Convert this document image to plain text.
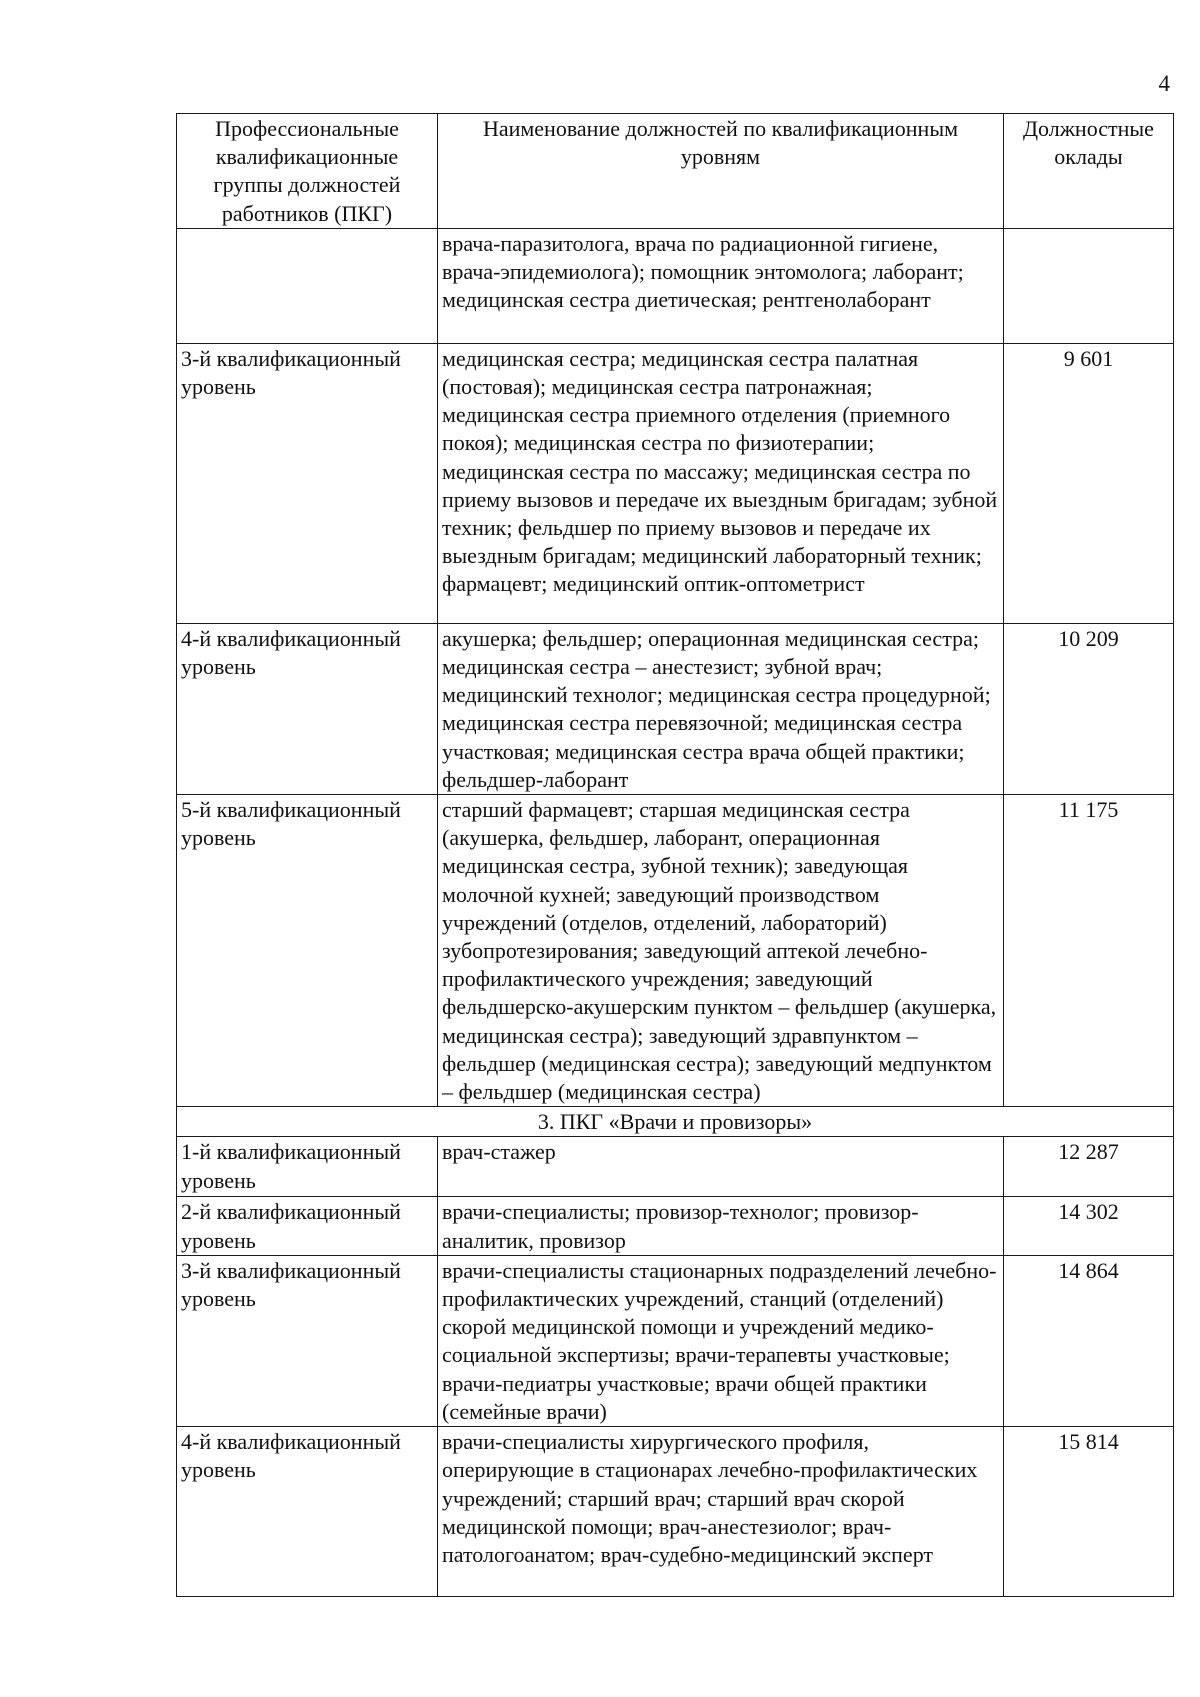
4
Профессиональные квалификационные группы должностей работников (ПКГ)	Наименование должностей по квалификационным уровням	Должностные оклады
	врача-паразитолога, врача по радиационной гигиене, врача-эпидемиолога); помощник энтомолога; лаборант; медицинская сестра диетическая; рентгенолаборант	
3-й квалификационный уровень	медицинская сестра; медицинская сестра палатная (постовая); медицинская сестра патронажная; медицинская сестра приемного отделения (приемного покоя); медицинская сестра по физиотерапии; медицинская сестра по массажу; медицинская сестра по приему вызовов и передаче их выездным бригадам; зубной техник; фельдшер по приему вызовов и передаче их выездным бригадам; медицинский лабораторный техник; фармацевт; медицинский оптик-оптометрист	9 601
4-й квалификационный уровень	акушерка; фельдшер; операционная медицинская сестра; медицинская сестра – анестезист; зубной врач; медицинский технолог; медицинская сестра процедурной; медицинская сестра перевязочной; медицинская сестра участковая; медицинская сестра врача общей практики; фельдшер-лаборант	10 209
5-й квалификационный уровень	старший фармацевт; старшая медицинская сестра (акушерка, фельдшер, лаборант, операционная медицинская сестра, зубной техник); заведующая молочной кухней; заведующий производством учреждений (отделов, отделений, лабораторий) зубопротезирования; заведующий аптекой лечебно-профилактического учреждения; заведующий фельдшерско-акушерским пунктом – фельдшер (акушерка, медицинская сестра); заведующий здравпунктом – фельдшер (медицинская сестра); заведующий медпунктом – фельдшер (медицинская сестра)	11 175
3. ПКГ «Врачи и провизоры»		
1-й квалификационный уровень	врач-стажер	12 287
2-й квалификационный уровень	врачи-специалисты; провизор-технолог; провизор-аналитик, провизор	14 302
3-й квалификационный уровень	врачи-специалисты стационарных подразделений лечебно-профилактических учреждений, станций (отделений) скорой медицинской помощи и учреждений медико-социальной экспертизы; врачи-терапевты участковые; врачи-педиатры участковые; врачи общей практики (семейные врачи)	14 864
4-й квалификационный уровень	врачи-специалисты хирургического профиля, оперирующие в стационарах лечебно-профилактических учреждений; старший врач; старший врач скорой медицинской помощи; врач-анестезиолог; врач-патологоанатом; врач-судебно-медицинский эксперт	15 814
